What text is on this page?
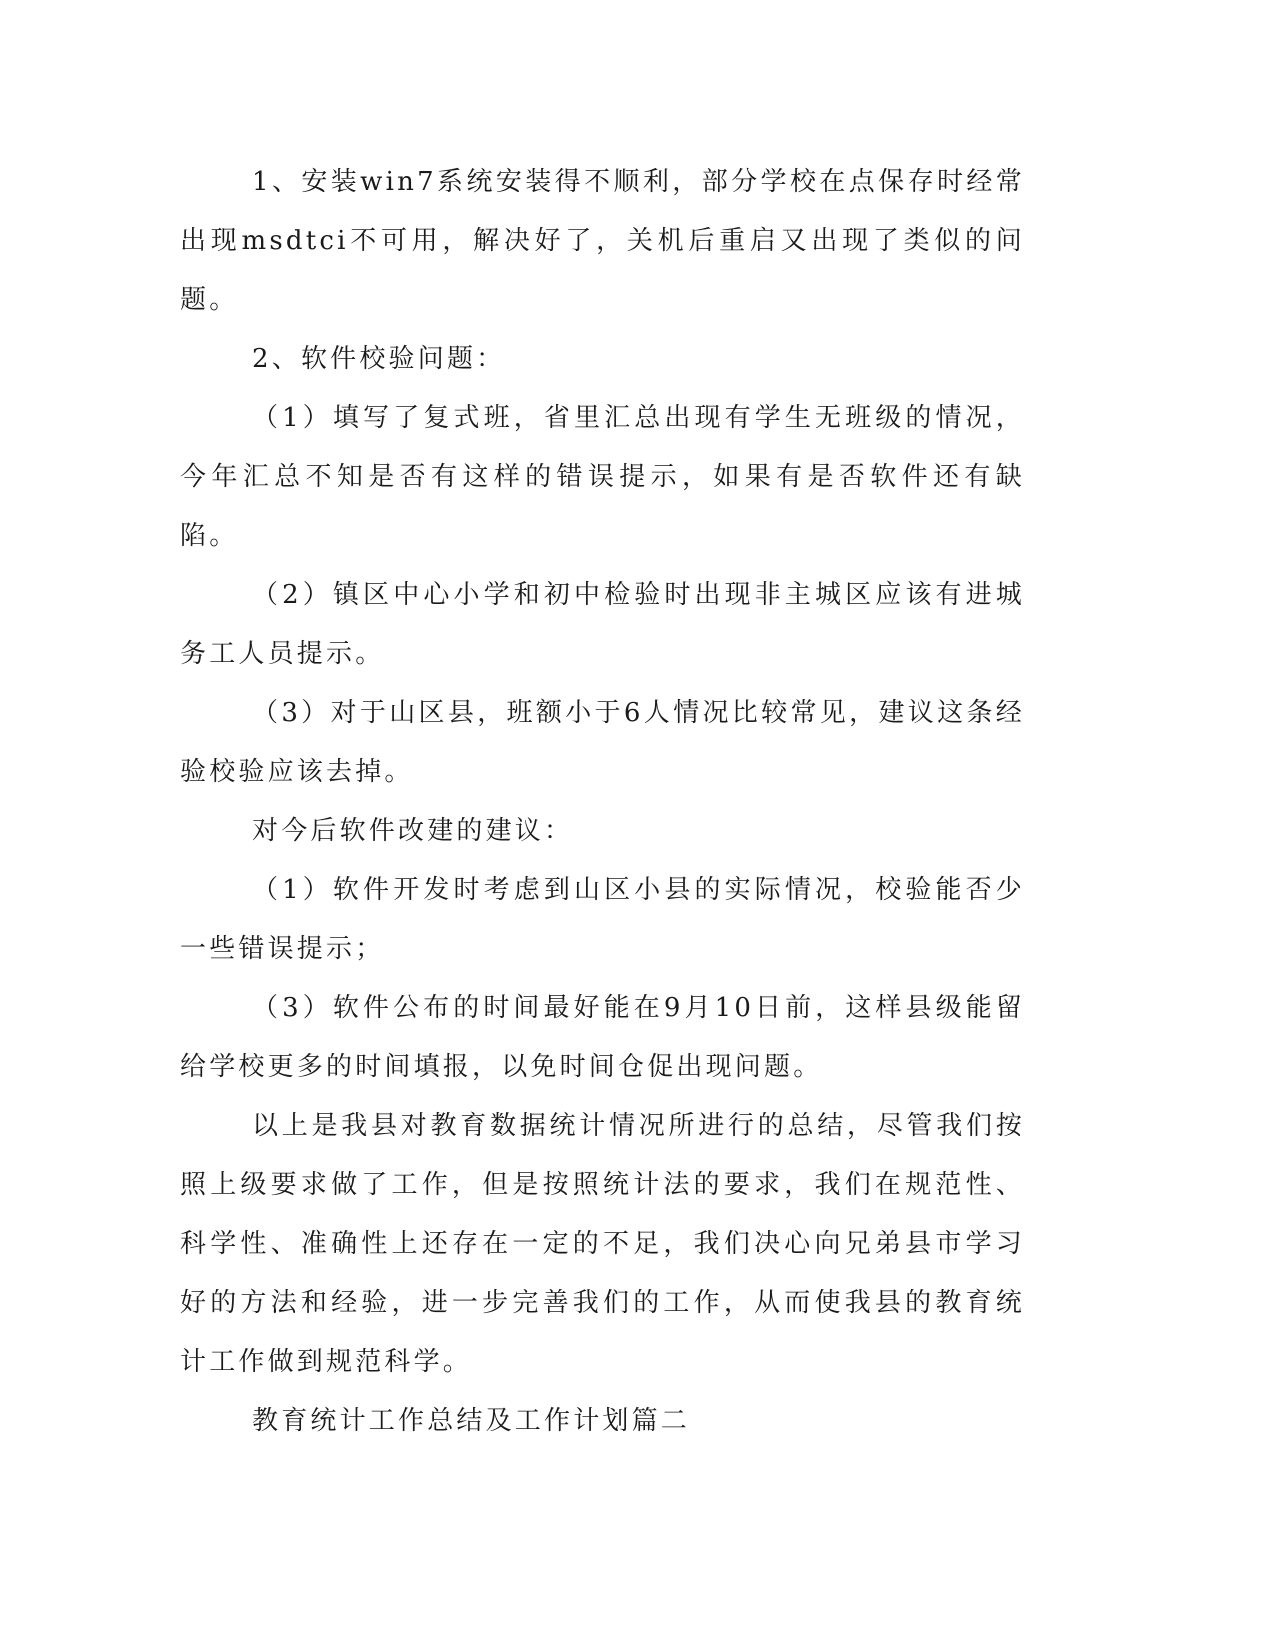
1、安装win7系统安装得不顺利，部分学校在点保存时经常出现msdtci不可用，解决好了，关机后重启又出现了类似的问题。

2、软件校验问题：

（1）填写了复式班，省里汇总出现有学生无班级的情况，今年汇总不知是否有这样的错误提示，如果有是否软件还有缺陷。

（2）镇区中心小学和初中检验时出现非主城区应该有进城务工人员提示。

（3）对于山区县，班额小于6人情况比较常见，建议这条经验校验应该去掉。

对今后软件改建的建议：

（1）软件开发时考虑到山区小县的实际情况，校验能否少一些错误提示；

（3）软件公布的时间最好能在9月10日前，这样县级能留给学校更多的时间填报，以免时间仓促出现问题。

以上是我县对教育数据统计情况所进行的总结，尽管我们按照上级要求做了工作，但是按照统计法的要求，我们在规范性、科学性、准确性上还存在一定的不足，我们决心向兄弟县市学习好的方法和经验，进一步完善我们的工作，从而使我县的教育统计工作做到规范科学。

教育统计工作总结及工作计划篇二
